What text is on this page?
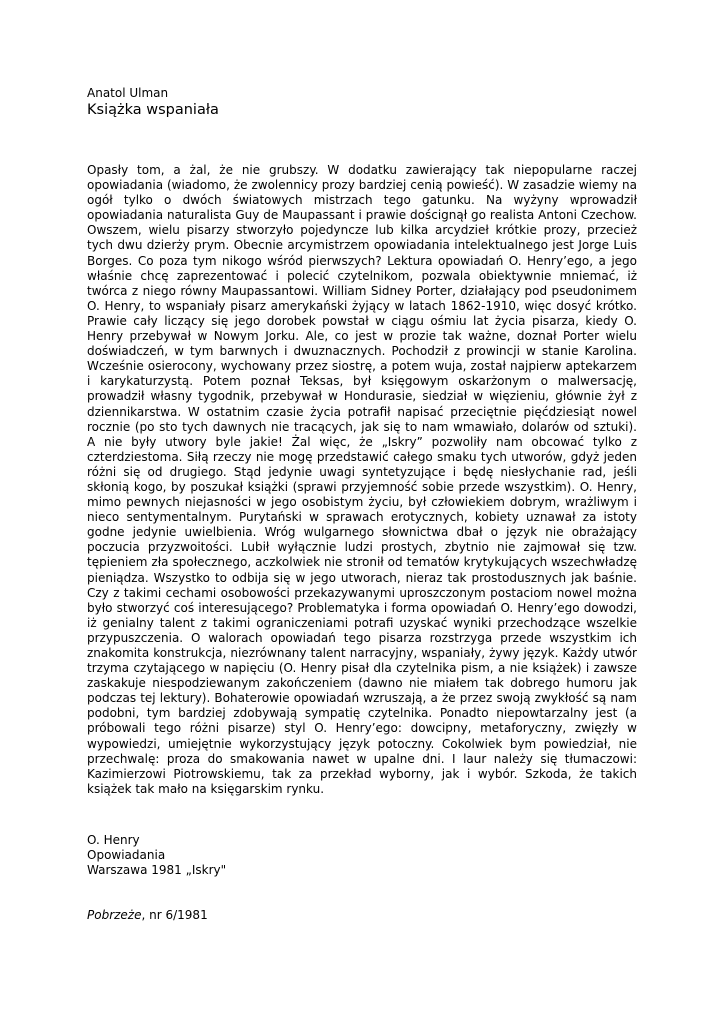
Anatol Ulman

Książka wspaniała
Opasły tom, a żal, że nie grubszy. W dodatku zawierający tak niepopularne raczej opowiadania (wiadomo, że zwolennicy prozy bardziej cenią powieść). W zasadzie wiemy na ogół tylko o dwóch światowych mistrzach tego gatunku. Na wyżyny wprowadził opowiadania naturalista Guy de Maupassant i prawie doścignął go realista Antoni Czechow. Owszem, wielu pisarzy stworzyło pojedyncze lub kilka arcydzieł krótkie prozy, przecież tych dwu dzierży prym. Obecnie arcymistrzem opowiadania intelektualnego jest Jorge Luis Borges. Co poza tym nikogo wśród pierwszych? Lektura opowiadań O. Henry’ego, a jego właśnie chcę zaprezentować i polecić czytelnikom, pozwala obiektywnie mniemać, iż twórca z niego równy Maupassantowi. William Sidney Porter, działający pod pseudonimem O. Henry, to wspaniały pisarz amerykański żyjący w latach 1862-1910, więc dosyć krótko. Prawie cały liczący się jego dorobek powstał w ciągu ośmiu lat życia pisarza, kiedy O. Henry przebywał w Nowym Jorku. Ale, co jest w prozie tak ważne, doznał Porter wielu doświadczeń, w tym barwnych i dwuznacznych. Pochodził z prowincji w stanie Karolina. Wcześnie osierocony, wychowany przez siostrę, a potem wuja, został najpierw aptekarzem i karykaturzystą. Potem poznał Teksas, był księgowym oskarżonym o malwersację, prowadził własny tygodnik, przebywał w Hondurasie, siedział w więzieniu, głównie żył z dziennikarstwa. W ostatnim czasie życia potrafił napisać przeciętnie pięćdziesiąt nowel rocznie (po sto tych dawnych nie tracących, jak się to nam wmawiało, dolarów od sztuki). A nie były utwory byle jakie! Żal więc, że „Iskry” pozwoliły nam obcować tylko z czterdziestoma. Siłą rzeczy nie mogę przedstawić całego smaku tych utworów, gdyż jeden różni się od drugiego. Stąd jedynie uwagi syntetyzujące i będę niesłychanie rad, jeśli skłonią kogo, by poszukał książki (sprawi przyjemność sobie przede wszystkim). O. Henry, mimo pewnych niejasności w jego osobistym życiu, był człowiekiem dobrym, wrażliwym i nieco sentymentalnym. Purytański w sprawach erotycznych, kobiety uznawał za istoty godne jedynie uwielbienia. Wróg wulgarnego słownictwa dbał o język nie obrażający poczucia przyzwoitości. Lubił wyłącznie ludzi prostych, zbytnio nie zajmował się tzw. tępieniem zła społecznego, aczkolwiek nie stronił od tematów krytykujących wszechwładzę pieniądza. Wszystko to odbija się w jego utworach, nieraz tak prostodusznych jak baśnie. Czy z takimi cechami osobowości przekazywanymi uproszczonym postaciom nowel można było stworzyć coś interesującego? Problematyka i forma opowiadań O. Henry’ego dowodzi, iż genialny talent z takimi ograniczeniami potrafi uzyskać wyniki przechodzące wszelkie przypuszczenia. O walorach opowiadań tego pisarza rozstrzyga przede wszystkim ich znakomita konstrukcja, niezrównany talent narracyjny, wspaniały, żywy język. Każdy utwór trzyma czytającego w napięciu (O. Henry pisał dla czytelnika pism, a nie książek) i zawsze zaskakuje niespodziewanym zakończeniem (dawno nie miałem tak dobrego humoru jak podczas tej lektury). Bohaterowie opowiadań wzruszają, a że przez swoją zwykłość są nam podobni, tym bardziej zdobywają sympatię czytelnika. Ponadto niepowtarzalny jest (a próbowali tego różni pisarze) styl O. Henry’ego: dowcipny, metaforyczny, zwięzły w wypowiedzi, umiejętnie wykorzystujący język potoczny. Cokolwiek bym powiedział, nie przechwalę: proza do smakowania nawet w upalne dni. I laur należy się tłumaczowi: Kazimierzowi Piotrowskiemu, tak za przekład wyborny, jak i wybór. Szkoda, że takich książek tak mało na księgarskim rynku.
O. Henry
Opowiadania
Warszawa 1981 „Iskry"
Pobrzeże, nr 6/1981
